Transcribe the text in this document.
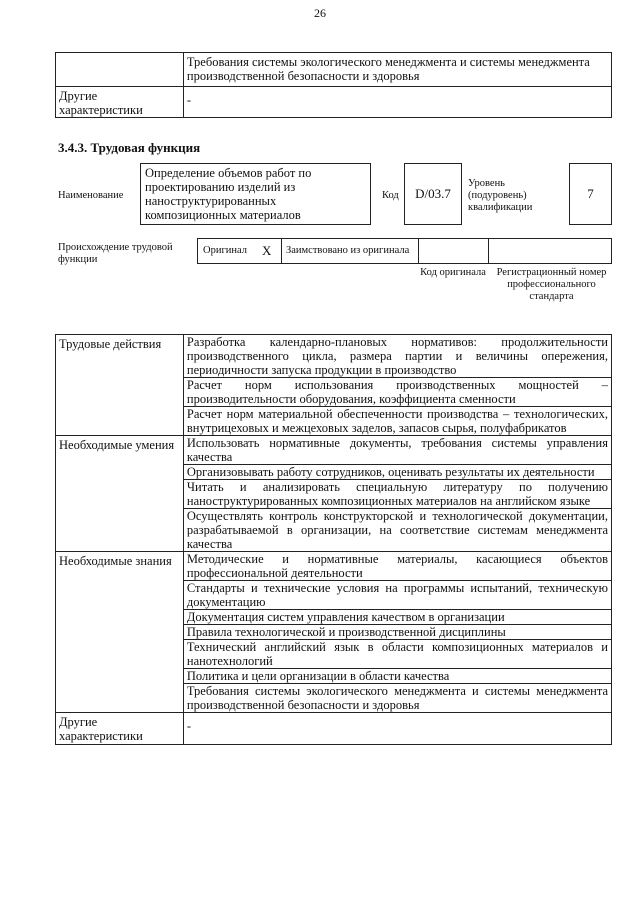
26
	Требования системы экологического менеджмента и системы менеджмента производственной безопасности и здоровья
Другие характеристики	-
3.4.3. Трудовая функция
Наименование
Определение объемов работ по проектированию изделий из наноструктурированных композиционных материалов
Код	D/03.7
Уровень (подуровень) квалификации
7
Происхождение трудовой функции
Оригинал X Заимствовано из оригинала
Код оригинала Регистрационный номер профессионального стандарта
Трудовые действия	Разработка календарно-плановых нормативов: продолжительности производственного цикла, размера партии и величины опережения, периодичности запуска продукции в производство
	Расчет норм использования производственных мощностей – производительности оборудования, коэффициента сменности
	Расчет норм материальной обеспеченности производства – технологических, внутрицеховых и межцеховых заделов, запасов сырья, полуфабрикатов
Необходимые умения	Использовать нормативные документы, требования системы управления качества
	Организовывать работу сотрудников, оценивать результаты их деятельности
	Читать и анализировать специальную литературу по получению наноструктурированных композиционных материалов на английском языке
	Осуществлять контроль конструкторской и технологической документации, разрабатываемой в организации, на соответствие системам менеджмента качества
Необходимые знания	Методические и нормативные материалы, касающиеся объектов профессиональной деятельности
	Стандарты и технические условия на программы испытаний, техническую документацию
	Документация систем управления качеством в организации
	Правила технологической и производственной дисциплины
	Технический английский язык в области композиционных материалов и нанотехнологий
	Политика и цели организации в области качества
	Требования системы экологического менеджмента и системы менеджмента производственной безопасности и здоровья
Другие характеристики	-
